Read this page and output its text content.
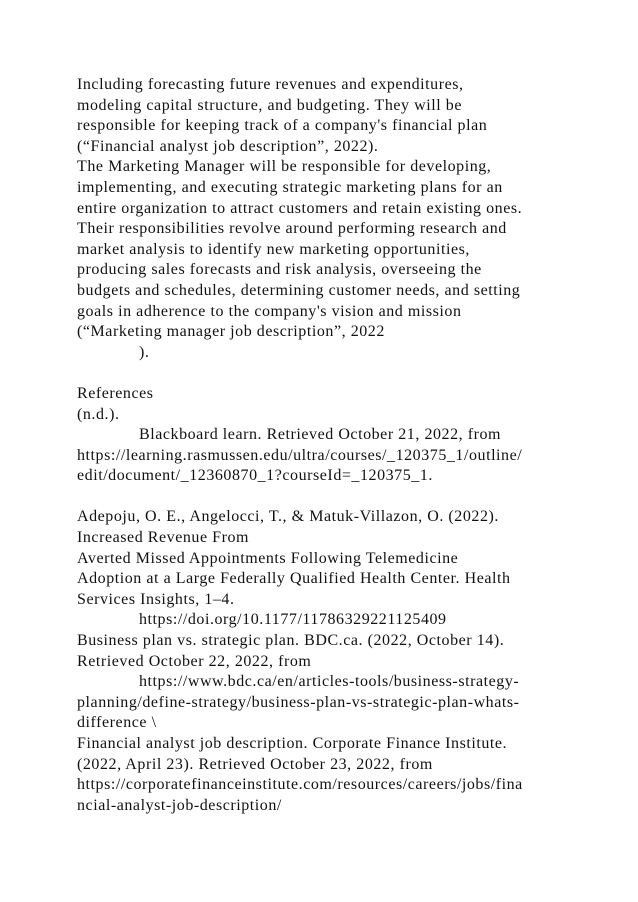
Including forecasting future revenues and expenditures,
modeling capital structure, and budgeting. They will be
responsible for keeping track of a company's financial plan
(“Financial analyst job description”, 2022).
The Marketing Manager will be responsible for developing,
implementing, and executing strategic marketing plans for an
entire organization to attract customers and retain existing ones.
Their responsibilities revolve around performing research and
market analysis to identify new marketing opportunities,
producing sales forecasts and risk analysis, overseeing the
budgets and schedules, determining customer needs, and setting
goals in adherence to the company's vision and mission
(“Marketing manager job description”, 2022
).
References
(n.d.).
Blackboard learn. Retrieved October 21, 2022, from
https://learning.rasmussen.edu/ultra/courses/_120375_1/outline/
edit/document/_12360870_1?courseId=_120375_1.
Adepoju, O. E., Angelocci, T., & Matuk-Villazon, O. (2022).
Increased Revenue From
Averted Missed Appointments Following Telemedicine
Adoption at a Large Federally Qualified Health Center. Health
Services Insights, 1–4.
https://doi.org/10.1177/11786329221125409
Business plan vs. strategic plan. BDC.ca. (2022, October 14).
Retrieved October 22, 2022, from
https://www.bdc.ca/en/articles-tools/business-strategy-
planning/define-strategy/business-plan-vs-strategic-plan-whats-
difference \
Financial analyst job description. Corporate Finance Institute.
(2022, April 23). Retrieved October 23, 2022, from
https://corporatefinanceinstitute.com/resources/careers/jobs/fina
ncial-analyst-job-description/
